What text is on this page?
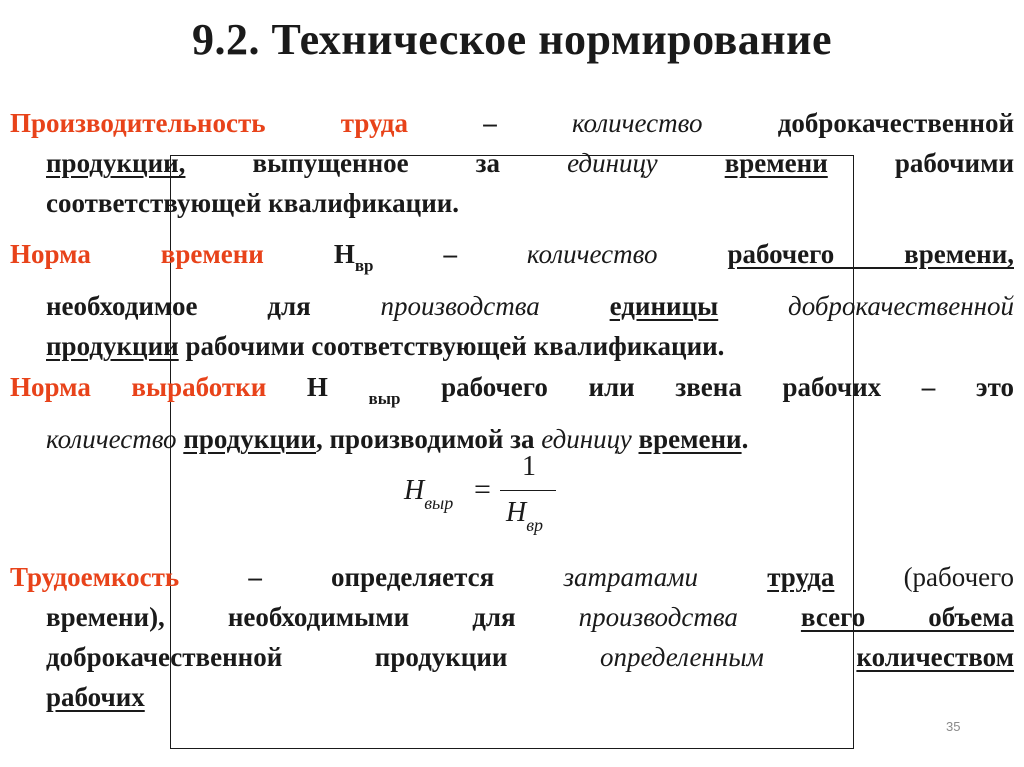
9.2. Техническое нормирование
Производительность труда	–	количество	доброкачественной
продукции, выпущенное за единицу времени рабочими
соответствующей квалификации.
Норма времени	$Н_{вр}$	–	количество	рабочего времени,
необходимое для	производства	единицы	доброкачественной
продукции рабочими соответствующей квалификации.
Норма выработки Н $_{выр}$ рабочего или звена рабочих – это
количество продукции, производимой за единицу времени.
$Н_{выр}$ =
1
$Н_{вр}$
Трудоемкость	– определяется	затратами	труда	(рабочего
времени), необходимыми для производства всего объема
доброкачественной продукции	определенным	количеством
рабочих
35
